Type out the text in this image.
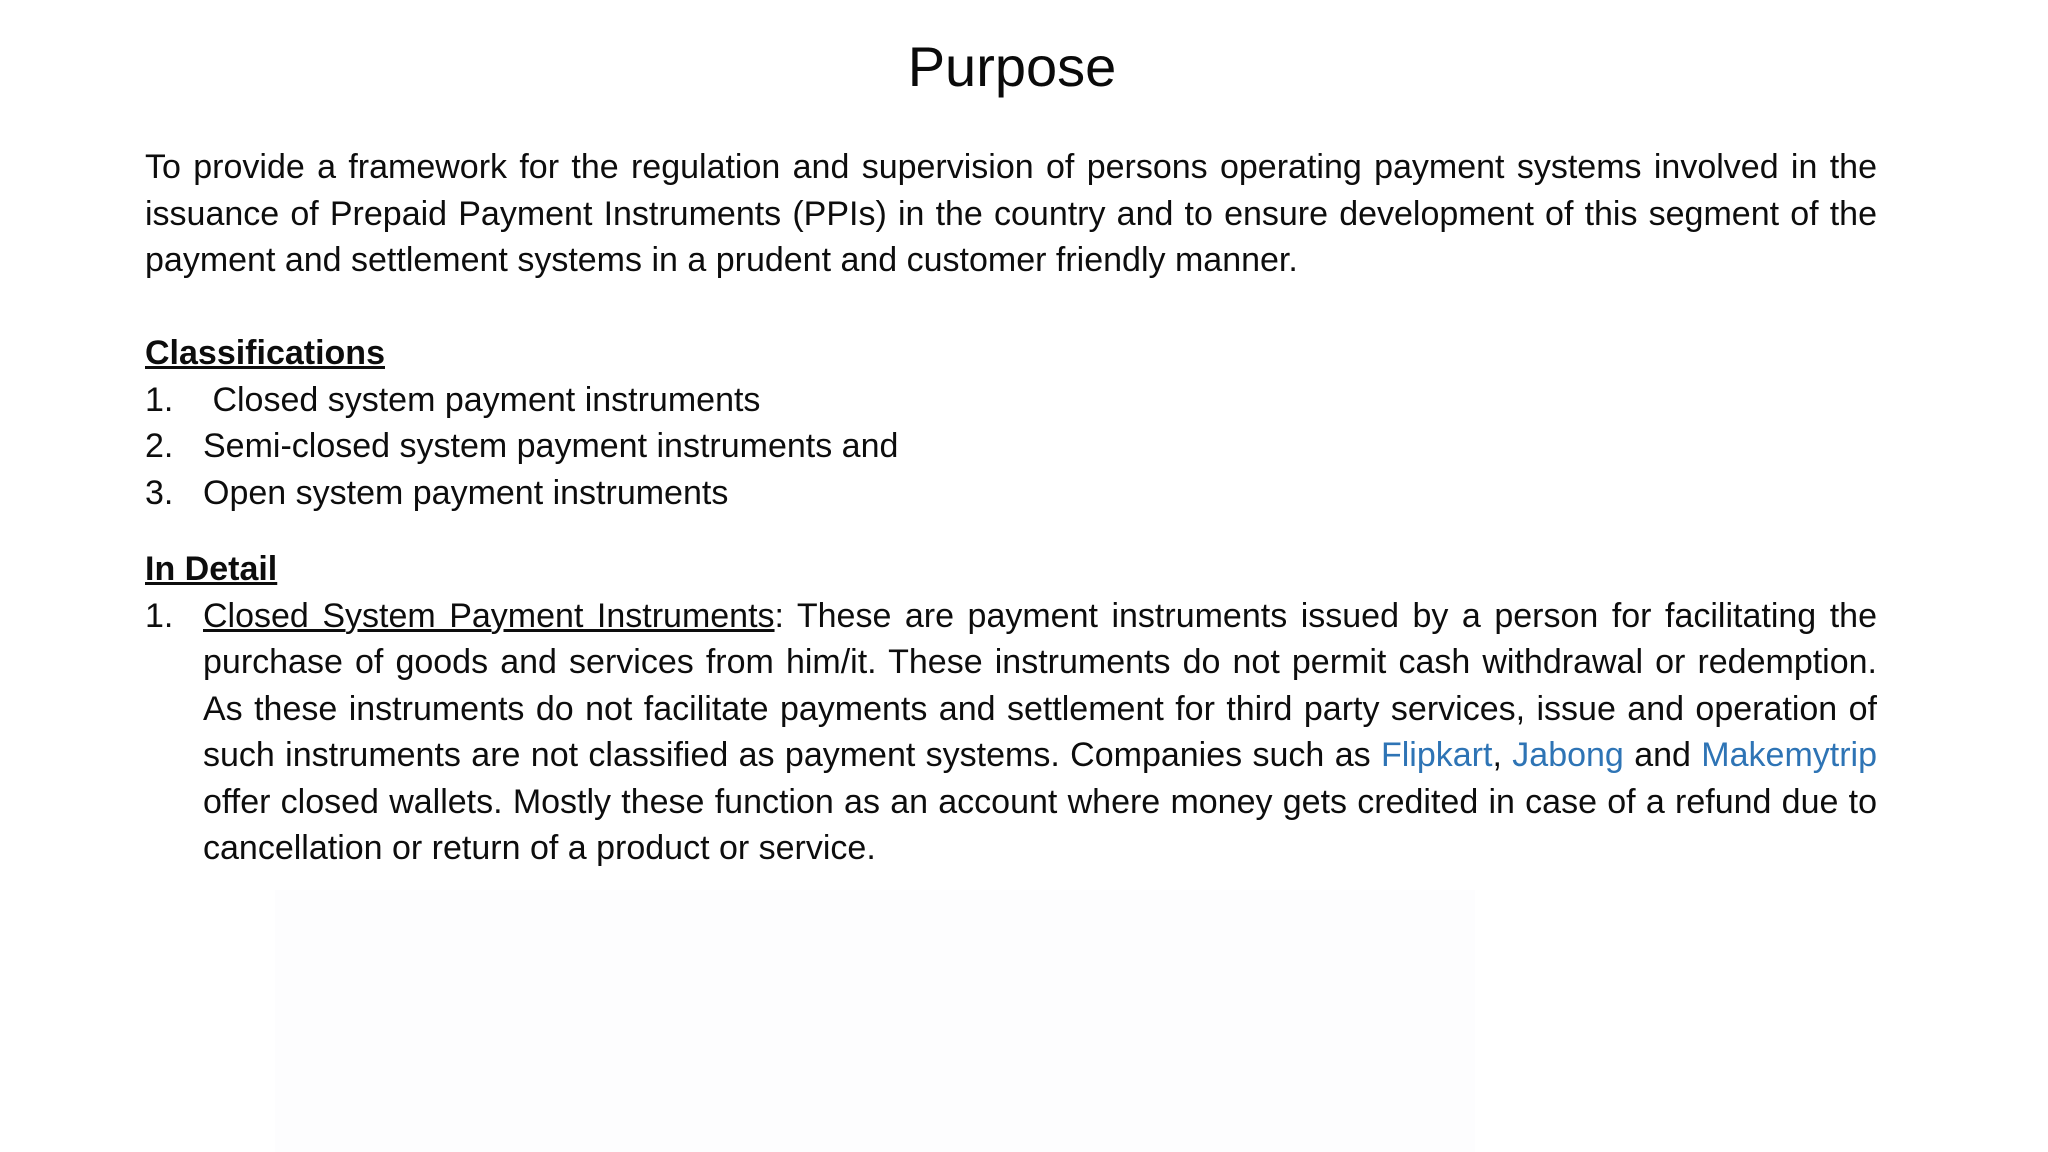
Purpose

To provide a framework for the regulation and supervision of persons operating payment systems involved in the issuance of Prepaid Payment Instruments (PPIs) in the country and to ensure development of this segment of the payment and settlement systems in a prudent and customer friendly manner.

Classifications

1. Closed system payment instruments
2. Semi-closed system payment instruments and
3. Open system payment instruments

In Detail

1. Closed System Payment Instruments: These are payment instruments issued by a person for facilitating the purchase of goods and services from him/it. These instruments do not permit cash withdrawal or redemption. As these instruments do not facilitate payments and settlement for third party services, issue and operation of such instruments are not classified as payment systems. Companies such as Flipkart, Jabong and Makemytrip offer closed wallets. Mostly these function as an account where money gets credited in case of a refund due to cancellation or return of a product or service.
